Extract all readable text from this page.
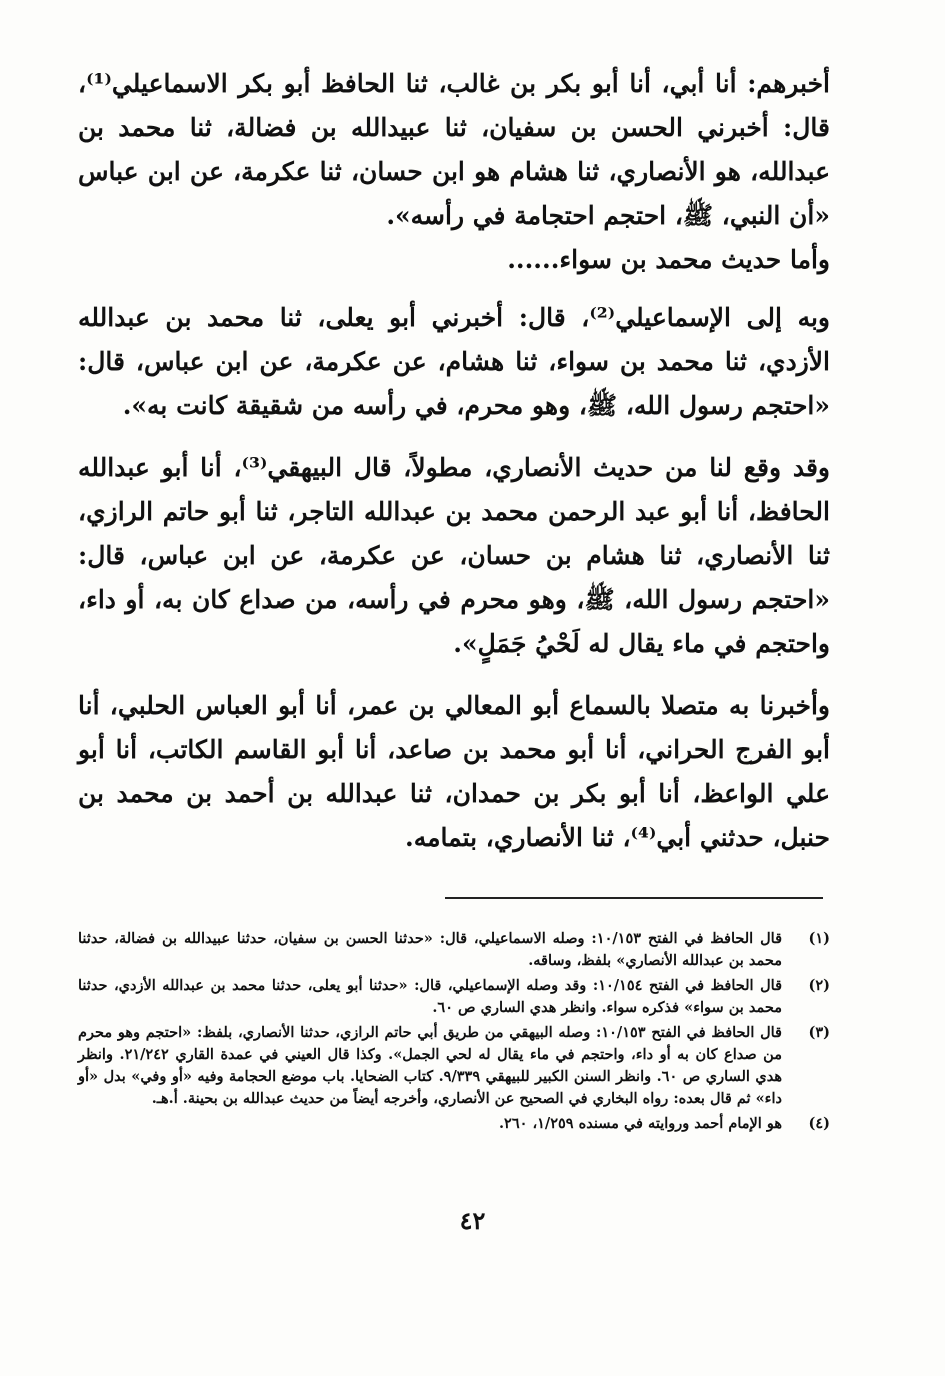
أخبرهم: أنا أبي، أنا أبو بكر بن غالب، ثنا الحافظ أبو بكر الاسماعيلي⁽¹⁾، قال: أخبرني الحسن بن سفيان، ثنا عبيدالله بن فضالة، ثنا محمد بن عبدالله، هو الأنصاري، ثنا هشام هو ابن حسان، ثنا عكرمة، عن ابن عباس «أن النبي، ﷺ، احتجم احتجامة في رأسه».

وأما حديث محمد بن سواء......

وبه إلى الإسماعيلي⁽²⁾، قال: أخبرني أبو يعلى، ثنا محمد بن عبدالله الأزدي، ثنا محمد بن سواء، ثنا هشام، عن عكرمة، عن ابن عباس، قال: «احتجم رسول الله، ﷺ، وهو محرم، في رأسه من شقيقة كانت به».

وقد وقع لنا من حديث الأنصاري، مطولاً، قال البيهقي⁽³⁾، أنا أبو عبدالله الحافظ، أنا أبو عبد الرحمن محمد بن عبدالله التاجر، ثنا أبو حاتم الرازي، ثنا الأنصاري، ثنا هشام بن حسان، عن عكرمة، عن ابن عباس، قال: «احتجم رسول الله، ﷺ، وهو محرم في رأسه، من صداع كان به، أو داء، واحتجم في ماء يقال له لَحْيُ جَمَلٍ».

وأخبرنا به متصلا بالسماع أبو المعالي بن عمر، أنا أبو العباس الحلبي، أنا أبو الفرج الحراني، أنا أبو محمد بن صاعد، أنا أبو القاسم الكاتب، أنا أبو علي الواعظ، أنا أبو بكر بن حمدان، ثنا عبدالله بن أحمد بن محمد بن حنبل، حدثني أبي⁽⁴⁾، ثنا الأنصاري، بتمامه.

(١)
قال الحافظ في الفتح ١٠/١٥٣: وصله الاسماعيلي، قال: «حدثنا الحسن بن سفيان، حدثنا عبيدالله بن فضالة، حدثنا محمد بن عبدالله الأنصاري» بلفظ، وساقه.
(٢)
قال الحافظ في الفتح ١٠/١٥٤: وقد وصله الإسماعيلي، قال: «حدثنا أبو يعلى، حدثنا محمد بن عبدالله الأزدي، حدثنا محمد بن سواء» فذكره سواء. وانظر هدي الساري ص ٦٠.
(٣)
قال الحافظ في الفتح ١٠/١٥٣: وصله البيهقي من طريق أبي حاتم الرازي، حدثنا الأنصاري، بلفظ: «احتجم وهو محرم من صداع كان به أو داء، واحتجم في ماء يقال له لحي الجمل». وكذا قال العيني في عمدة القاري ٢١/٢٤٢. وانظر هدي الساري ص ٦٠. وانظر السنن الكبير للبيهقي ٩/٣٣٩. كتاب الضحايا. باب موضع الحجامة وفيه «أو وفي» بدل «أو داء» ثم قال بعده: رواه البخاري في الصحيح عن الأنصاري، وأخرجه أيضاً من حديث عبدالله بن بحينة. أ.هـ.
(٤)
هو الإمام أحمد وروايته في مسنده ١/٢٥٩، ٢٦٠.
٤٢
